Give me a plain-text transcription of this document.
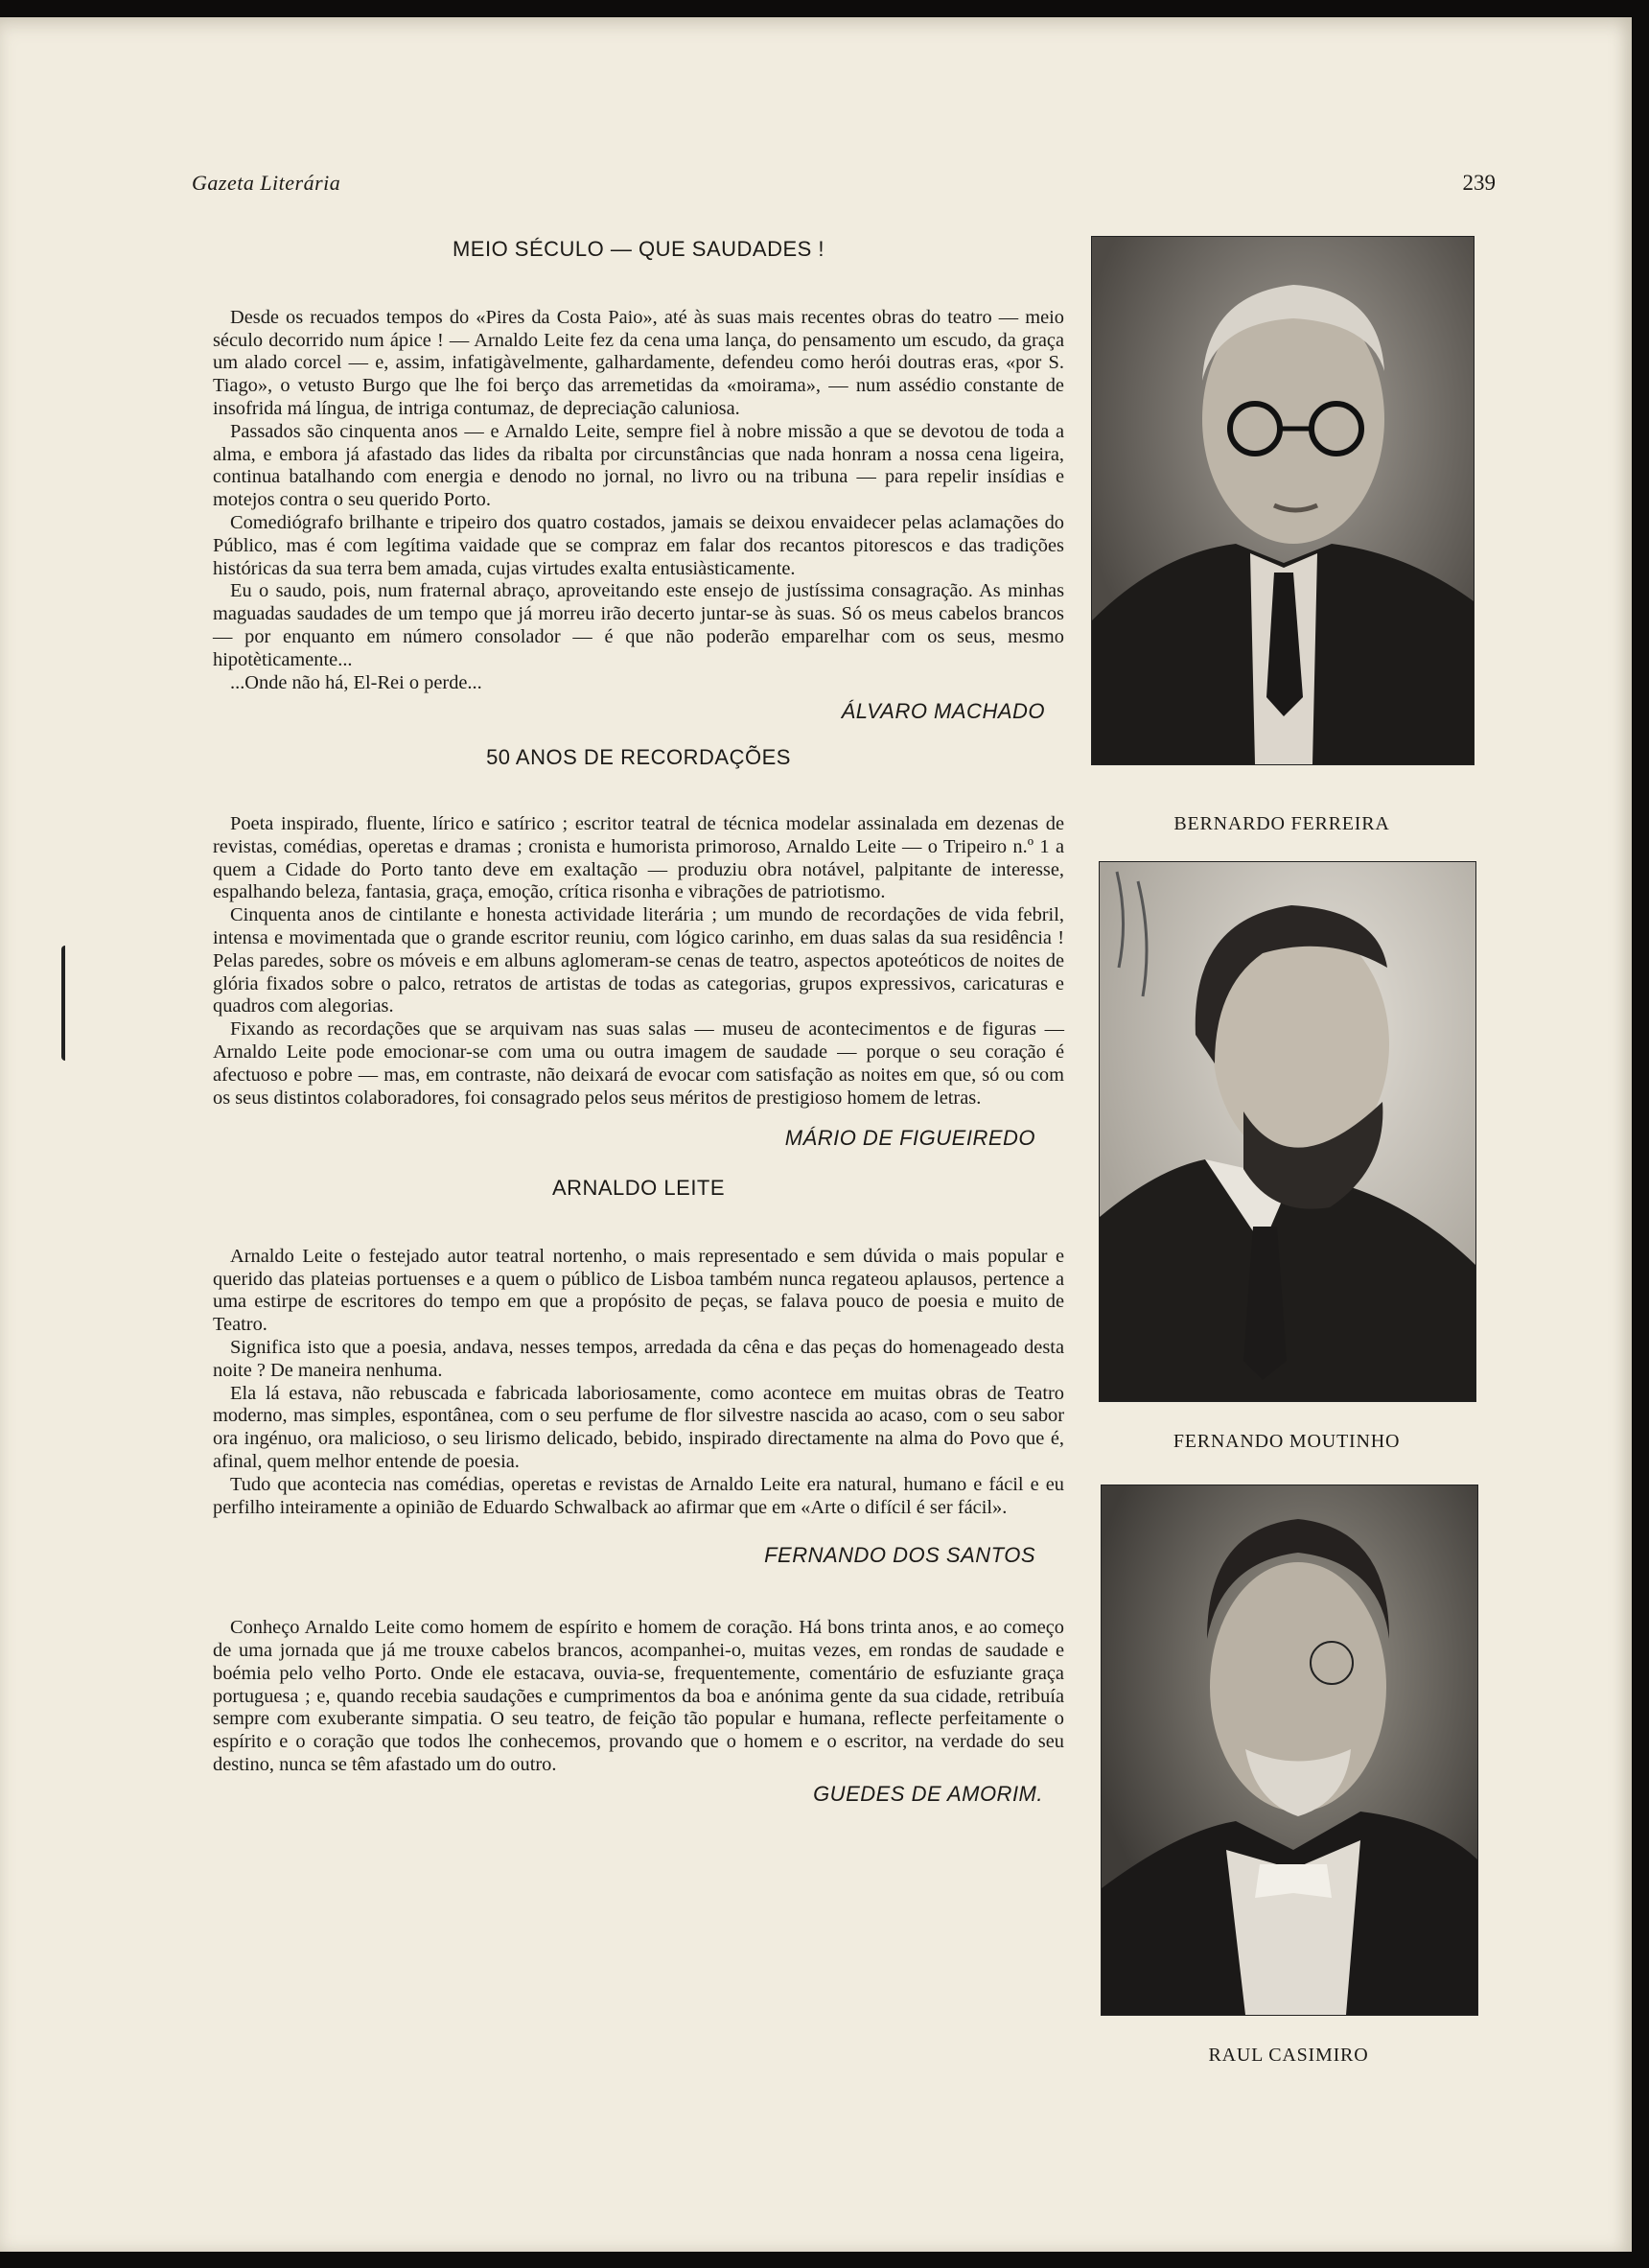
Gazeta Literária	239
MEIO SÉCULO — QUE SAUDADES !

Desde os recuados tempos do «Pires da Costa Paio», até às suas mais recentes obras do teatro — meio século decorrido num ápice ! — Arnaldo Leite fez da cena uma lança, do pensamento um escudo, da graça um alado corcel — e, assim, infatigàvelmente, galhardamente, defendeu como herói doutras eras, «por S. Tiago», o vetusto Burgo que lhe foi berço das arremetidas da «moirama», — num assédio constante de insofrida má língua, de intriga contumaz, de depreciação caluniosa.

Passados são cinquenta anos — e Arnaldo Leite, sempre fiel à nobre missão a que se devotou de toda a alma, e embora já afastado das lides da ribalta por circunstâncias que nada honram a nossa cena ligeira, continua batalhando com energia e denodo no jornal, no livro ou na tribuna — para repelir insídias e motejos contra o seu querido Porto.

Comediógrafo brilhante e tripeiro dos quatro costados, jamais se deixou envaidecer pelas aclamações do Público, mas é com legítima vaidade que se compraz em falar dos recantos pitorescos e das tradições históricas da sua terra bem amada, cujas virtudes exalta entusiàsticamente.

Eu o saudo, pois, num fraternal abraço, aproveitando este ensejo de justíssima consagração. As minhas maguadas saudades de um tempo que já morreu irão decerto juntar-se às suas. Só os meus cabelos brancos — por enquanto em número consolador — é que não poderão emparelhar com os seus, mesmo hipotèticamente...

...Onde não há, El-Rei o perde...

ÁLVARO MACHADO
50 ANOS DE RECORDAÇÕES

Poeta inspirado, fluente, lírico e satírico ; escritor teatral de técnica modelar assinalada em dezenas de revistas, comédias, operetas e dramas ; cronista e humorista primoroso, Arnaldo Leite — o Tripeiro n.º 1 a quem a Cidade do Porto tanto deve em exaltação — produziu obra notável, palpitante de interesse, espalhando beleza, fantasia, graça, emoção, crítica risonha e vibrações de patriotismo.

Cinquenta anos de cintilante e honesta actividade literária ; um mundo de recordações de vida febril, intensa e movimentada que o grande escritor reuniu, com lógico carinho, em duas salas da sua residência ! Pelas paredes, sobre os móveis e em albuns aglomeram-se cenas de teatro, aspectos apoteóticos de noites de glória fixados sobre o palco, retratos de artistas de todas as categorias, grupos expressivos, caricaturas e quadros com alegorias.

Fixando as recordações que se arquivam nas suas salas — museu de acontecimentos e de figuras — Arnaldo Leite pode emocionar-se com uma ou outra imagem de saudade — porque o seu coração é afectuoso e pobre — mas, em contraste, não deixará de evocar com satisfação as noites em que, só ou com os seus distintos colaboradores, foi consagrado pelos seus méritos de prestigioso homem de letras.

MÁRIO DE FIGUEIREDO
ARNALDO LEITE

Arnaldo Leite o festejado autor teatral nortenho, o mais representado e sem dúvida o mais popular e querido das plateias portuenses e a quem o público de Lisboa também nunca regateou aplausos, pertence a uma estirpe de escritores do tempo em que a propósito de peças, se falava pouco de poesia e muito de Teatro.

Significa isto que a poesia, andava, nesses tempos, arredada da cêna e das peças do homenageado desta noite ? De maneira nenhuma.

Ela lá estava, não rebuscada e fabricada laboriosamente, como acontece em muitas obras de Teatro moderno, mas simples, espontânea, com o seu perfume de flor silvestre nascida ao acaso, com o seu sabor ora ingénuo, ora malicioso, o seu lirismo delicado, bebido, inspirado directamente na alma do Povo que é, afinal, quem melhor entende de poesia.

Tudo que acontecia nas comédias, operetas e revistas de Arnaldo Leite era natural, humano e fácil e eu perfilho inteiramente a opinião de Eduardo Schwalback ao afirmar que em «Arte o difícil é ser fácil».

FERNANDO DOS SANTOS

Conheço Arnaldo Leite como homem de espírito e homem de coração. Há bons trinta anos, e ao começo de uma jornada que já me trouxe cabelos brancos, acompanhei-o, muitas vezes, em rondas de saudade e boémia pelo velho Porto. Onde ele estacava, ouvia-se, frequentemente, comentário de esfuziante graça portuguesa ; e, quando recebia saudações e cumprimentos da boa e anónima gente da sua cidade, retribuía sempre com exuberante simpatia. O seu teatro, de feição tão popular e humana, reflecte perfeitamente o espírito e o coração que todos lhe conhecemos, provando que o homem e o escritor, na verdade do seu destino, nunca se têm afastado um do outro.

GUEDES DE AMORIM.
BERNARDO FERREIRA
FERNANDO MOUTINHO
RAUL CASIMIRO
